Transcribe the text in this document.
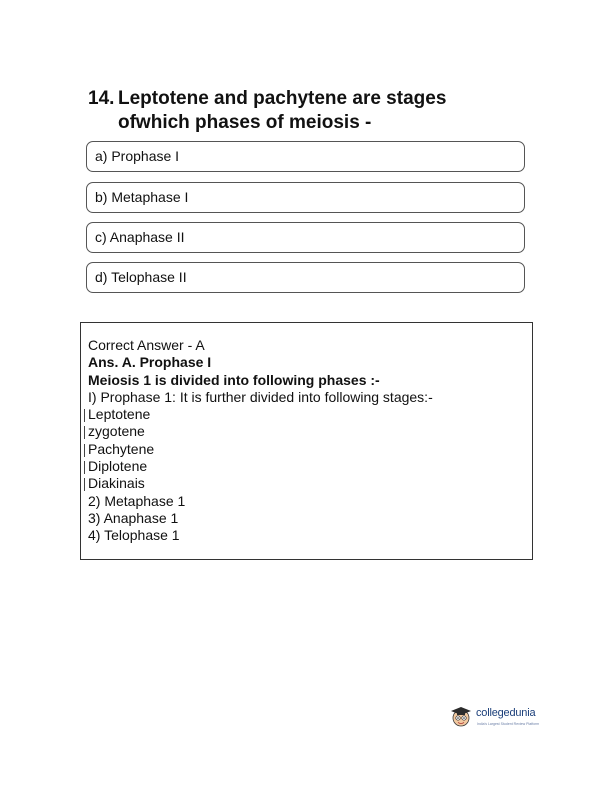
14. Leptotene and pachytene are stages
ofwhich phases of meiosis -
a) Prophase I
b) Metaphase I
c) Anaphase II
d) Telophase II
Correct Answer - A
Ans. A. Prophase I
Meiosis 1 is divided into following phases :-
I) Prophase 1: It is further divided into following stages:-
Leptotene
zygotene
Pachytene
Diplotene
Diakinais
2) Metaphase 1
3) Anaphase 1
4) Telophase 1
collegedunia
India's Largest Student Review Platform
